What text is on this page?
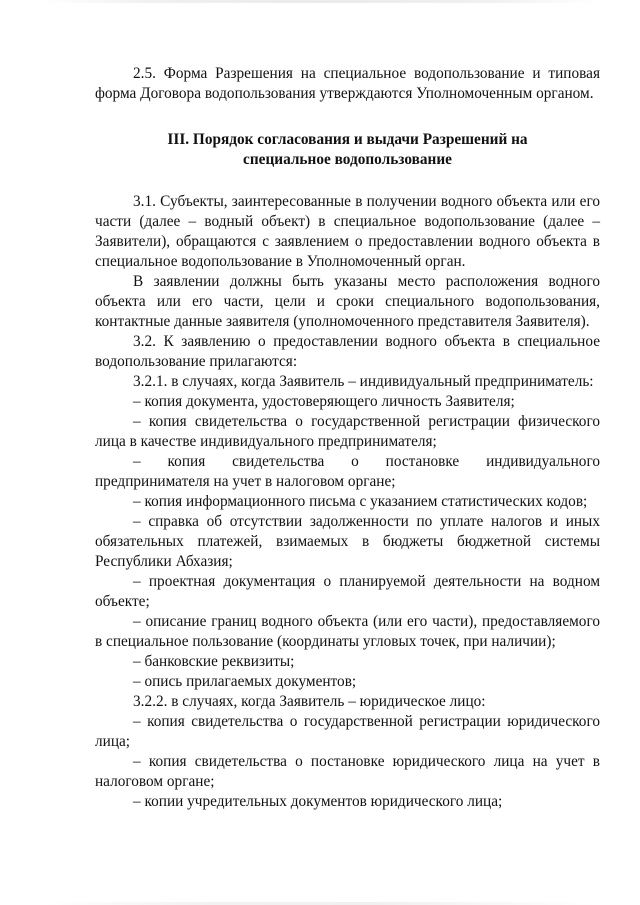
2.5. Форма Разрешения на специальное водопользование и типовая форма Договора водопользования утверждаются Уполномоченным органом.

III. Порядок согласования и выдачи Разрешений на специальное водопользование

3.1. Субъекты, заинтересованные в получении водного объекта или его части (далее – водный объект) в специальное водопользование (далее – Заявители), обращаются с заявлением о предоставлении водного объекта в специальное водопользование в Уполномоченный орган.

В заявлении должны быть указаны место расположения водного объекта или его части, цели и сроки специального водопользования, контактные данные заявителя (уполномоченного представителя Заявителя).

3.2. К заявлению о предоставлении водного объекта в специальное водопользование прилагаются:

3.2.1. в случаях, когда Заявитель – индивидуальный предприниматель:

– копия документа, удостоверяющего личность Заявителя;

– копия свидетельства о государственной регистрации физического лица в качестве индивидуального предпринимателя;

– копия свидетельства о постановке индивидуального предпринимателя на учет в налоговом органе;

– копия информационного письма с указанием статистических кодов;

– справка об отсутствии задолженности по уплате налогов и иных обязательных платежей, взимаемых в бюджеты бюджетной системы Республики Абхазия;

– проектная документация о планируемой деятельности на водном объекте;

– описание границ водного объекта (или его части), предоставляемого в специальное пользование (координаты угловых точек, при наличии);

– банковские реквизиты;

– опись прилагаемых документов;

3.2.2. в случаях, когда Заявитель – юридическое лицо:

– копия свидетельства о государственной регистрации юридического лица;

– копия свидетельства о постановке юридического лица на учет в налоговом органе;

– копии учредительных документов юридического лица;
